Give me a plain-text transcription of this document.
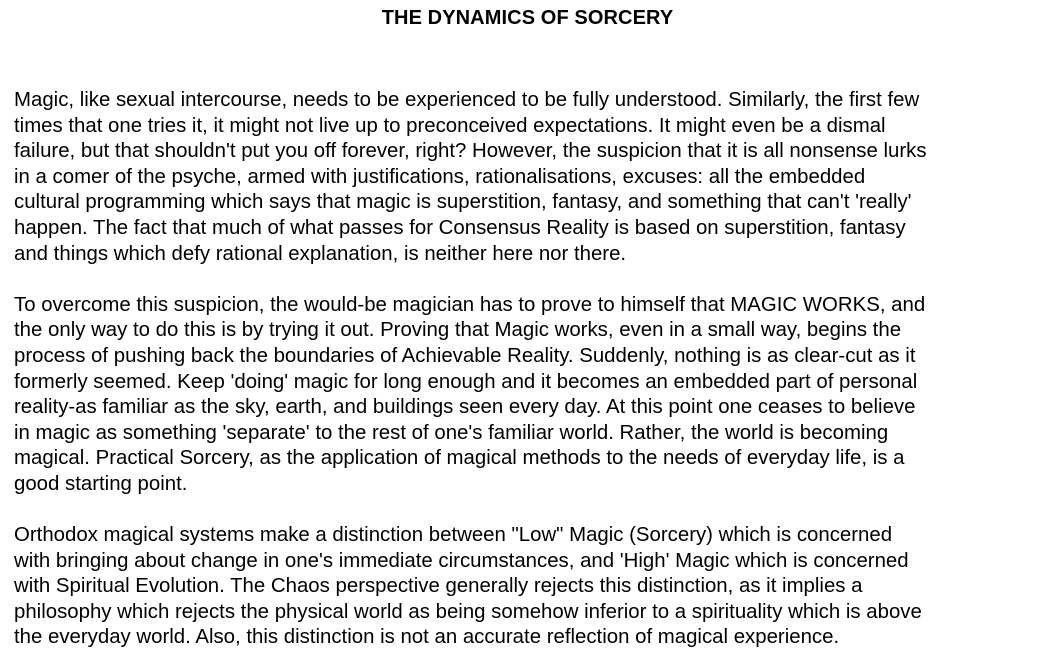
THE DYNAMICS OF SORCERY

Magic, like sexual intercourse, needs to be experienced to be fully understood. Similarly, the first few
times that one tries it, it might not live up to preconceived expectations. It might even be a dismal
failure, but that shouldn't put you off forever, right? However, the suspicion that it is all nonsense lurks
in a comer of the psyche, armed with justifications, rationalisations, excuses: all the embedded
cultural programming which says that magic is superstition, fantasy, and something that can't 'really'
happen. The fact that much of what passes for Consensus Reality is based on superstition, fantasy
and things which defy rational explanation, is neither here nor there.

To overcome this suspicion, the would-be magician has to prove to himself that MAGIC WORKS, and
the only way to do this is by trying it out. Proving that Magic works, even in a small way, begins the
process of pushing back the boundaries of Achievable Reality. Suddenly, nothing is as clear-cut as it
formerly seemed. Keep 'doing' magic for long enough and it becomes an embedded part of personal
reality-as familiar as the sky, earth, and buildings seen every day. At this point one ceases to believe
in magic as something 'separate' to the rest of one's familiar world. Rather, the world is becoming
magical. Practical Sorcery, as the application of magical methods to the needs of everyday life, is a
good starting point.

Orthodox magical systems make a distinction between "Low" Magic (Sorcery) which is concerned
with bringing about change in one's immediate circumstances, and 'High' Magic which is concerned
with Spiritual Evolution. The Chaos perspective generally rejects this distinction, as it implies a
philosophy which rejects the physical world as being somehow inferior to a spirituality which is above
the everyday world. Also, this distinction is not an accurate reflection of magical experience.
